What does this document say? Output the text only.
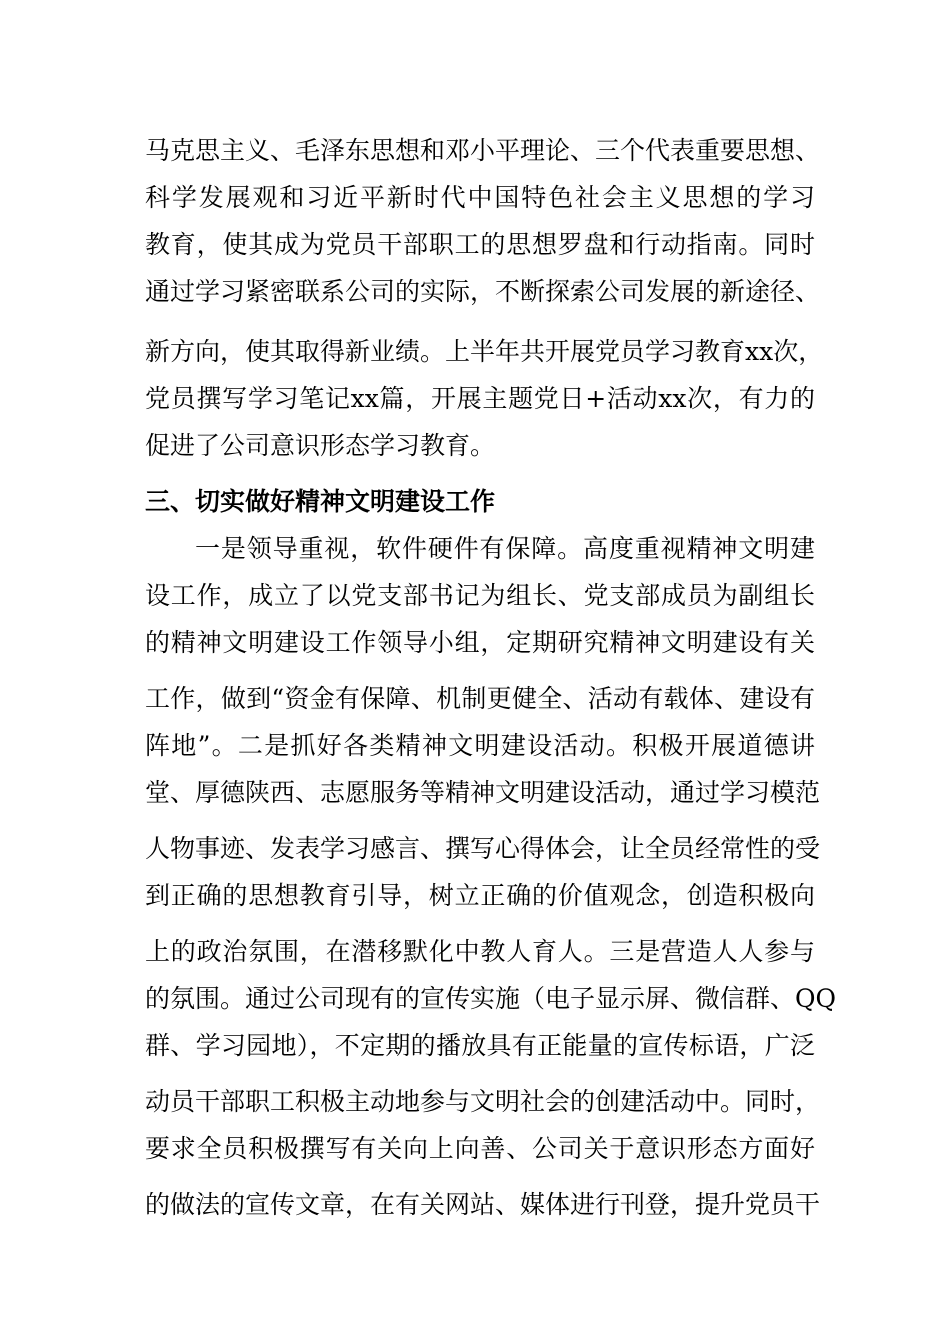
马克思主义、毛泽东思想和邓小平理论、三个代表重要思想、
科学发展观和习近平新时代中国特色社会主义思想的学习
教育，使其成为党员干部职工的思想罗盘和行动指南。同时
通过学习紧密联系公司的实际，不断探索公司发展的新途径、
新方向，使其取得新业绩。上半年共开展党员学习教育xx次，
党员撰写学习笔记xx篇，开展主题党日+活动xx次，有力的
促进了公司意识形态学习教育。
三、切实做好精神文明建设工作
一是领导重视，软件硬件有保障。高度重视精神文明建
设工作，成立了以党支部书记为组长、党支部成员为副组长
的精神文明建设工作领导小组，定期研究精神文明建设有关
工作，做到“资金有保障、机制更健全、活动有载体、建设有
阵地”。二是抓好各类精神文明建设活动。积极开展道德讲
堂、厚德陕西、志愿服务等精神文明建设活动，通过学习模范
人物事迹、发表学习感言、撰写心得体会，让全员经常性的受
到正确的思想教育引导，树立正确的价值观念，创造积极向
上的政治氛围，在潜移默化中教人育人。三是营造人人参与
的氛围。通过公司现有的宣传实施（电子显示屏、微信群、QQ
群、学习园地），不定期的播放具有正能量的宣传标语，广泛
动员干部职工积极主动地参与文明社会的创建活动中。同时，
要求全员积极撰写有关向上向善、公司关于意识形态方面好
的做法的宣传文章，在有关网站、媒体进行刊登，提升党员干
